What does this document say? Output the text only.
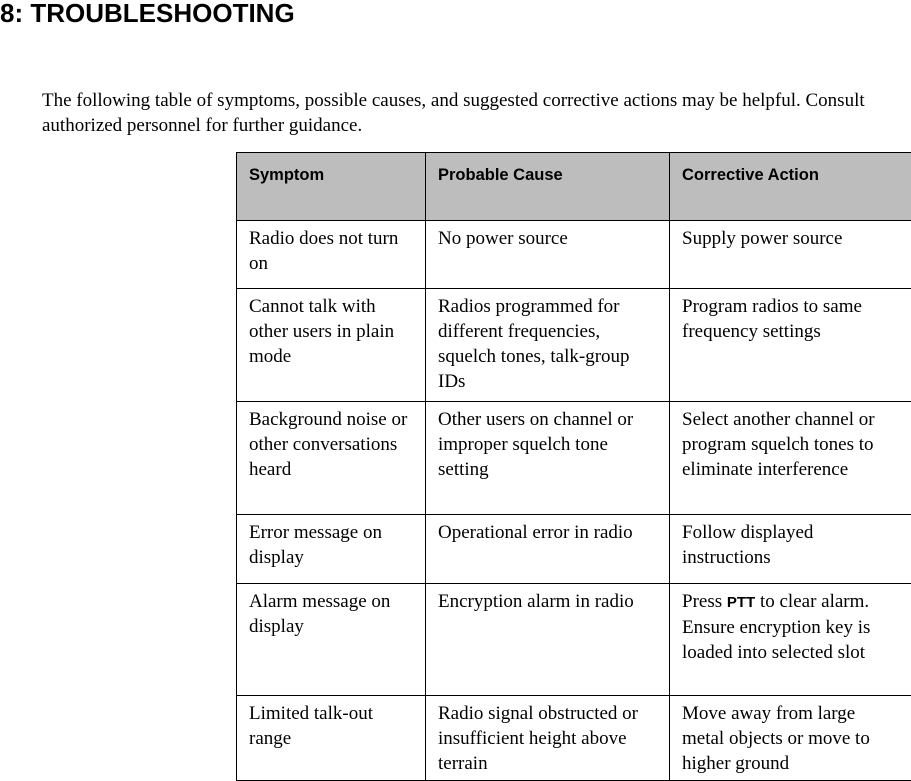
8: TROUBLESHOOTING

The following table of symptoms, possible causes, and suggested corrective actions may be helpful. Consult authorized personnel for further guidance.

Symptom	Probable Cause	Corrective Action
Radio does not turn on	No power source	Supply power source
Cannot talk with other users in plain mode	Radios programmed for different frequencies, squelch tones, talk-group IDs	Program radios to same frequency settings
Background noise or other conversations heard	Other users on channel or improper squelch tone setting	Select another channel or program squelch tones to eliminate interference
Error message on display	Operational error in radio	Follow displayed instructions
Alarm message on display	Encryption alarm in radio	Press PTT to clear alarm. Ensure encryption key is loaded into selected slot
Limited talk-out range	Radio signal obstructed or insufficient height above terrain	Move away from large metal objects or move to higher ground
